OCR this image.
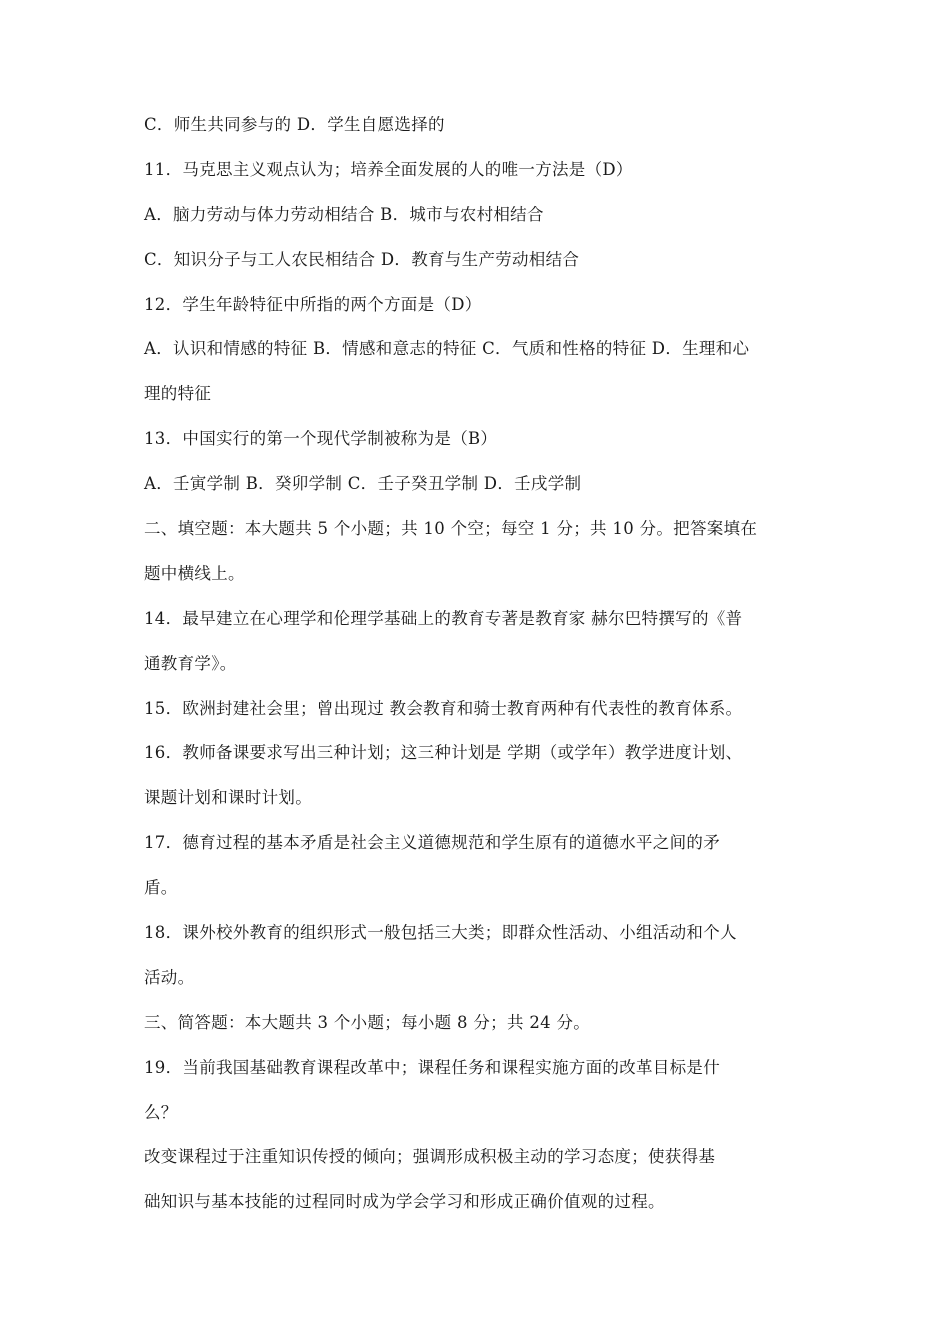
C．师生共同参与的 D．学生自愿选择的
11．马克思主义观点认为；培养全面发展的人的唯一方法是（D）
A．脑力劳动与体力劳动相结合 B．城市与农村相结合
C．知识分子与工人农民相结合 D．教育与生产劳动相结合
12．学生年龄特征中所指的两个方面是（D）
A．认识和情感的特征 B．情感和意志的特征 C．气质和性格的特征 D．生理和心
理的特征
13．中国实行的第一个现代学制被称为是（B）
A．壬寅学制 B．癸卯学制 C．壬子癸丑学制 D．壬戌学制
二、填空题：本大题共 5 个小题；共 10 个空；每空 1 分；共 10 分。把答案填在
题中横线上。
14．最早建立在心理学和伦理学基础上的教育专著是教育家 赫尔巴特撰写的《普
通教育学》。
15．欧洲封建社会里；曾出现过 教会教育和骑士教育两种有代表性的教育体系。
16．教师备课要求写出三种计划；这三种计划是 学期（或学年）教学进度计划、
课题计划和课时计划。
17．德育过程的基本矛盾是社会主义道德规范和学生原有的道德水平之间的矛
盾。
18．课外校外教育的组织形式一般包括三大类；即群众性活动、小组活动和个人
活动。
三、简答题：本大题共 3 个小题；每小题 8 分；共 24 分。
19．当前我国基础教育课程改革中；课程任务和课程实施方面的改革目标是什
么？
改变课程过于注重知识传授的倾向；强调形成积极主动的学习态度；使获得基
础知识与基本技能的过程同时成为学会学习和形成正确价值观的过程。
